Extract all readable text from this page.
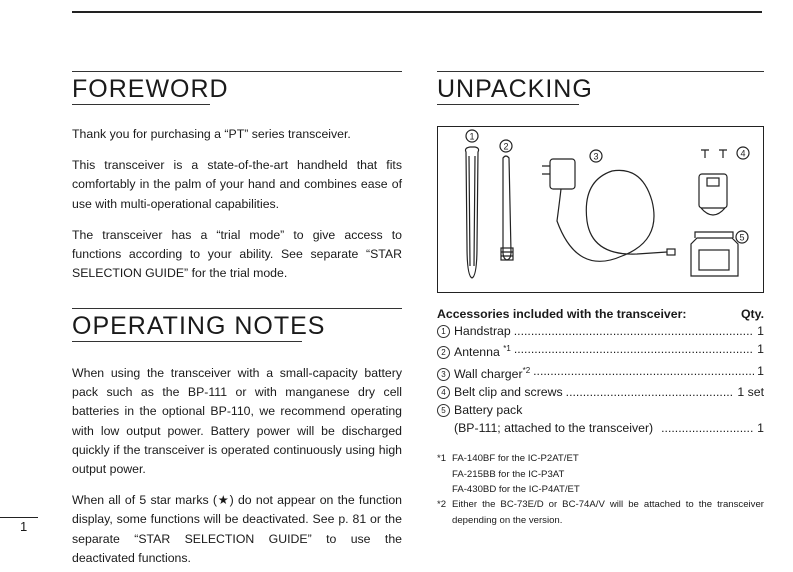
FOREWORD

Thank you for purchasing a “PT” series transceiver.

This transceiver is a state-of-the-art handheld that fits comfortably in the palm of your hand and combines ease of use with multi-operational capabilities.

The transceiver has a “trial mode” to give access to functions according to your ability. See separate “STAR SELECTION GUIDE” for the trial mode.

OPERATING NOTES

When using the transceiver with a small-capacity battery pack such as the BP-111 or with manganese dry cell batteries in the optional BP-110, we recommend operating with low output power. Battery power will be discharged quickly if the transceiver is operated continuously using high output power.

When all of 5 star marks (★) do not appear on the function display, some functions will be deactivated. See p. 81 or the separate “STAR SELECTION GUIDE” to use the deactivated functions.

UNPACKING
1
2
3	4
5
Accessories included with the transceiver:	Qty.
1 Handstrap .....	1
2 Antenna $^{*1}$ .....	1
3 Wall charger$^{*2}$ .....	1
4 Belt clip and screws .....	1 set
5 Battery pack
(BP-111; attached to the transceiver) .....	1
*1 FA-140BF for the IC-P2AT/ET
FA-215BB for the IC-P3AT
FA-430BD for the IC-P4AT/ET
*2 Either the BC-73E/D or BC-74A/V will be attached to the transceiver depending on the version.
1
